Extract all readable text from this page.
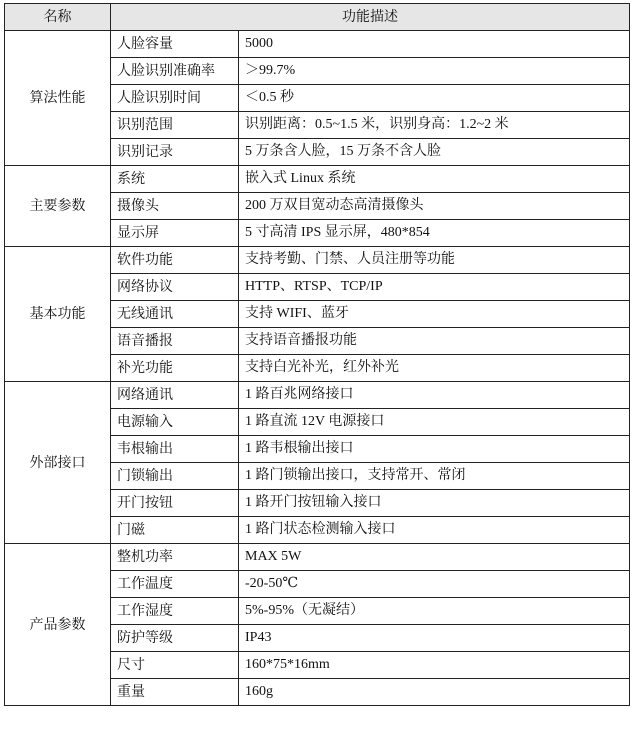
名称	功能描述	
算法性能	人脸容量	5000
	人脸识别准确率	＞99.7%
	人脸识别时间	＜0.5 秒
	识别范围	识别距离：0.5~1.5 米，识别身高：1.2~2 米
	识别记录	5 万条含人脸，15 万条不含人脸
主要参数	系统	嵌入式 Linux 系统
	摄像头	200 万双目宽动态高清摄像头
	显示屏	5 寸高清 IPS 显示屏，480*854
基本功能	软件功能	支持考勤、门禁、人员注册等功能
	网络协议	HTTP、RTSP、TCP/IP
	无线通讯	支持 WIFI、蓝牙
	语音播报	支持语音播报功能
	补光功能	支持白光补光，红外补光
外部接口	网络通讯	1 路百兆网络接口
	电源输入	1 路直流 12V 电源接口
	韦根输出	1 路韦根输出接口
	门锁输出	1 路门锁输出接口，支持常开、常闭
	开门按钮	1 路开门按钮输入接口
	门磁	1 路门状态检测输入接口
产品参数	整机功率	MAX 5W
	工作温度	-20-50℃
	工作湿度	5%-95%（无凝结）
	防护等级	IP43
	尺寸	160*75*16mm
	重量	160g
